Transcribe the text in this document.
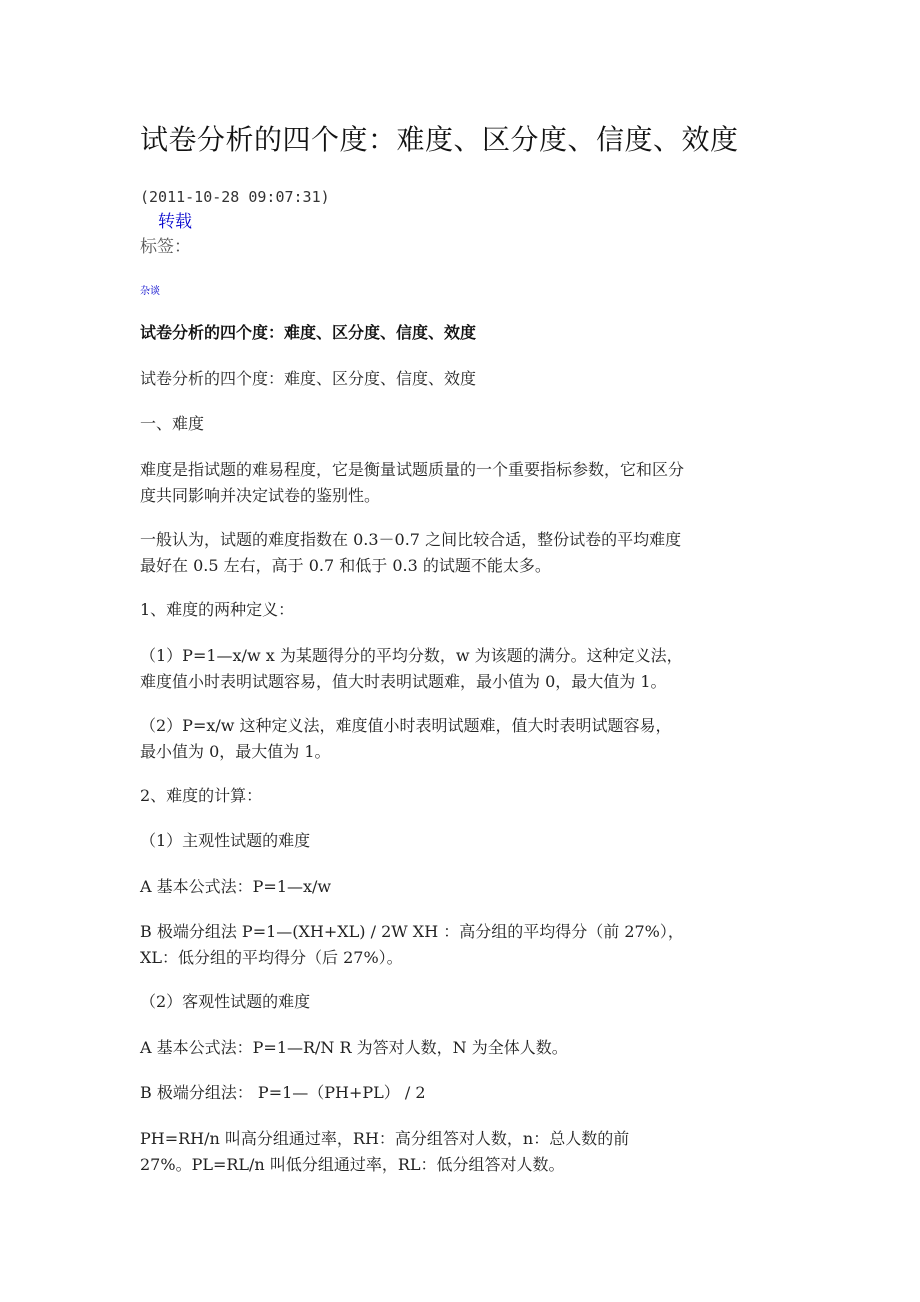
试卷分析的四个度：难度、区分度、信度、效度
(2011-10-28 09:07:31)
转载
标签：
杂谈
试卷分析的四个度：难度、区分度、信度、效度
试卷分析的四个度：难度、区分度、信度、效度
一、难度
难度是指试题的难易程度，它是衡量试题质量的一个重要指标参数，它和区分
度共同影响并决定试卷的鉴别性。
一般认为，试题的难度指数在 0.3－0.7 之间比较合适，整份试卷的平均难度
最好在 0.5 左右，高于 0.7 和低于 0.3 的试题不能太多。
1、难度的两种定义：
（1）P=1—x/w x 为某题得分的平均分数，w 为该题的满分。这种定义法，
难度值小时表明试题容易，值大时表明试题难，最小值为 0，最大值为 1。
（2）P=x/w 这种定义法，难度值小时表明试题难，值大时表明试题容易，
最小值为 0，最大值为 1。
2、难度的计算：
（1）主观性试题的难度
A 基本公式法：P=1—x/w
B 极端分组法 P=1—(XH+XL) / 2W XH ：高分组的平均得分（前 27%），
XL：低分组的平均得分（后 27%）。
（2）客观性试题的难度
A 基本公式法：P=1—R/N R 为答对人数，N 为全体人数。
B 极端分组法： P=1—（PH+PL） / 2
PH=RH/n 叫高分组通过率，RH：高分组答对人数，n：总人数的前
27%。PL=RL/n 叫低分组通过率，RL：低分组答对人数。
